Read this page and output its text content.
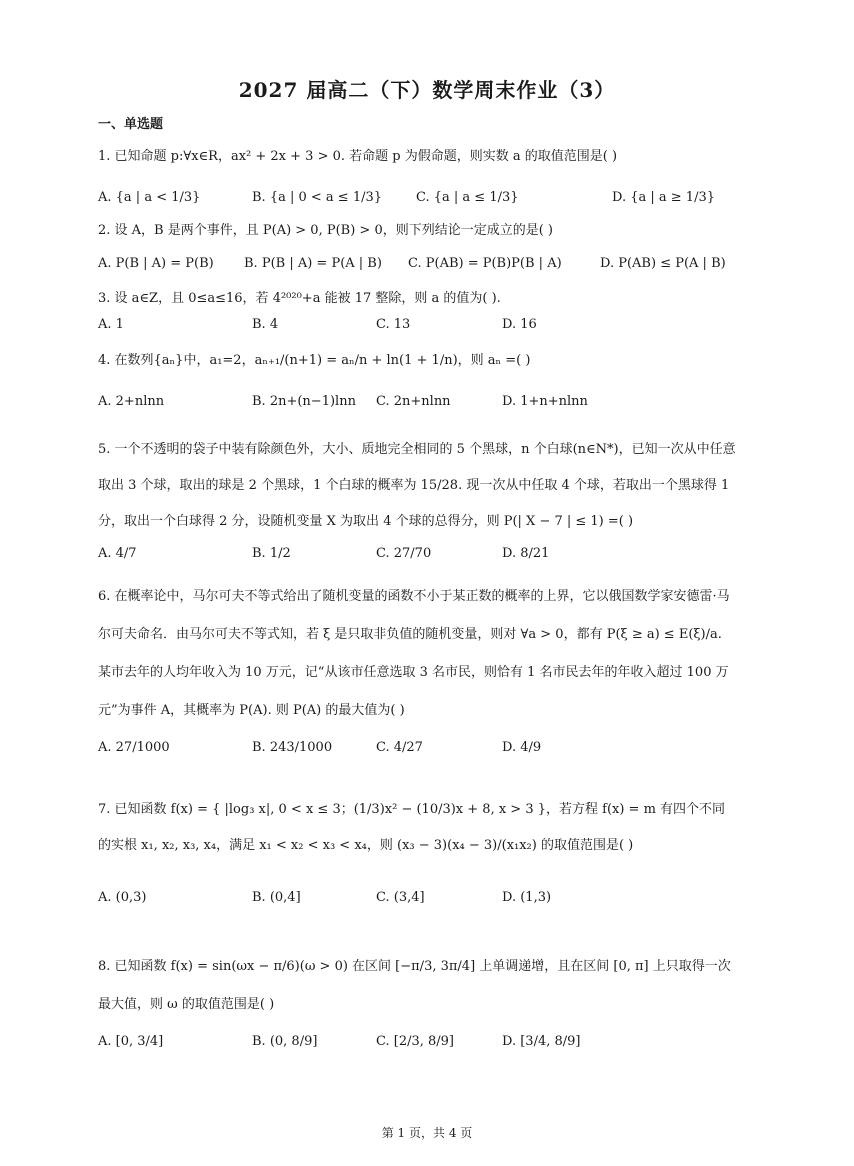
2027 届高二（下）数学周末作业（3）
一、单选题
1. 已知命题 p:∀x∈R，ax² + 2x + 3 > 0. 若命题 p 为假命题，则实数 a 的取值范围是( )
A. {a | a < 1/3}	B. {a | 0 < a ≤ 1/3}	C. {a | a ≤ 1/3}	D. {a | a ≥ 1/3}
2. 设 A，B 是两个事件，且 P(A) > 0, P(B) > 0，则下列结论一定成立的是( )
A. P(B | A) = P(B) B. P(B | A) = P(A | B) C. P(AB) = P(B)P(B | A)	D. P(AB) ≤ P(A | B)
3. 设 a∈Z，且 0≤a≤16，若 4²⁰²⁰+a 能被 17 整除，则 a 的值为( ).
A. 1	B. 4	C. 13	D. 16
4. 在数列{aₙ}中，a₁=2，aₙ₊₁/(n+1) = aₙ/n + ln(1 + 1/n)，则 aₙ =( )
A. 2+nlnn	B. 2n+(n−1)lnn C. 2n+nlnn	D. 1+n+nlnn
5. 一个不透明的袋子中装有除颜色外，大小、质地完全相同的 5 个黑球，n 个白球(n∈N*)，已知一次从中任意取出 3 个球，取出的球是 2 个黑球，1 个白球的概率为 15/28. 现一次从中任取 4 个球，若取出一个黑球得 1 分，取出一个白球得 2 分，设随机变量 X 为取出 4 个球的总得分，则 P(| X − 7 | ≤ 1) =( )
A. 4/7	B. 1/2	C. 27/70	D. 8/21
6. 在概率论中，马尔可夫不等式给出了随机变量的函数不小于某正数的概率的上界，它以俄国数学家安德雷·马尔可夫命名．由马尔可夫不等式知，若 ξ 是只取非负值的随机变量，则对 ∀a > 0，都有 P(ξ ≥ a) ≤ E(ξ)/a. 某市去年的人均年收入为 10 万元，记“从该市任意选取 3 名市民，则恰有 1 名市民去年的年收入超过 100 万元”为事件 A，其概率为 P(A). 则 P(A) 的最大值为( )
A. 27/1000	B. 243/1000	C. 4/27	D. 4/9
7. 已知函数 f(x) = { |log₃ x|, 0 < x ≤ 3；(1/3)x² − (10/3)x + 8, x > 3 }，若方程 f(x) = m 有四个不同的实根 x₁, x₂, x₃, x₄，满足 x₁ < x₂ < x₃ < x₄，则 (x₃ − 3)(x₄ − 3)/(x₁x₂) 的取值范围是( )
A. (0,3)	B. (0,4]	C. (3,4]	D. (1,3)
8. 已知函数 f(x) = sin(ωx − π/6)(ω > 0) 在区间 [−π/3, 3π/4] 上单调递增，且在区间 [0, π] 上只取得一次最大值，则 ω 的取值范围是( )
A. [0, 3/4]	B. (0, 8/9]	C. [2/3, 8/9]	D. [3/4, 8/9]
第 1 页，共 4 页
